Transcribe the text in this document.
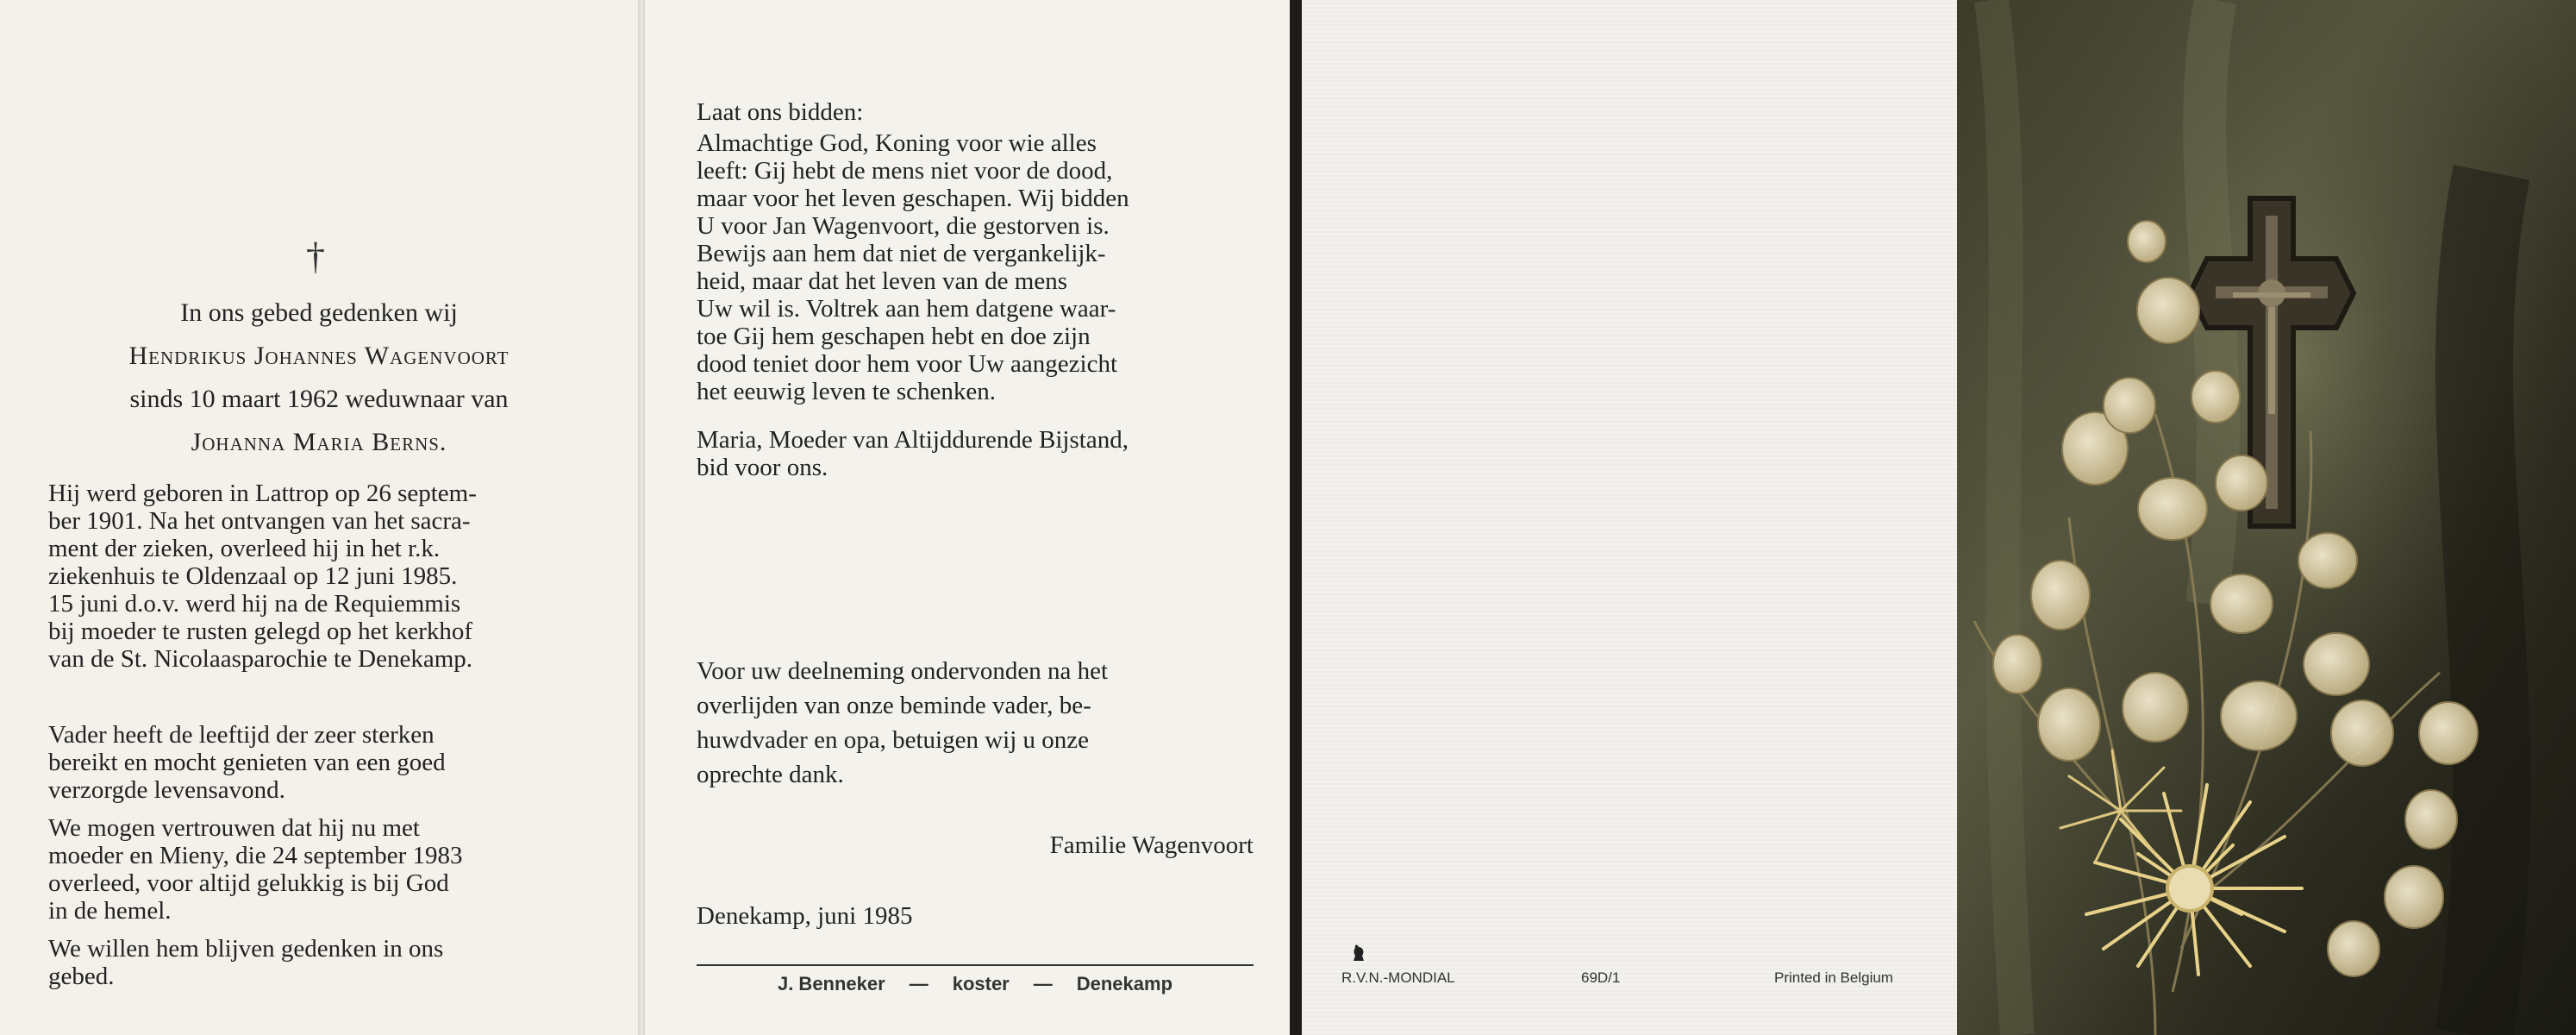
†
In ons gebed gedenken wij
Hendrikus Johannes Wagenvoort
sinds 10 maart 1962 weduwnaar van
Johanna Maria Berns.
Hij werd geboren in Lattrop op 26 septem-
ber 1901. Na het ontvangen van het sacra-
ment der zieken, overleed hij in het r.k.
ziekenhuis te Oldenzaal op 12 juni 1985.
15 juni d.o.v. werd hij na de Requiemmis
bij moeder te rusten gelegd op het kerkhof
van de St. Nicolaasparochie te Denekamp.
Vader heeft de leeftijd der zeer sterken
bereikt en mocht genieten van een goed
verzorgde levensavond.
We mogen vertrouwen dat hij nu met
moeder en Mieny, die 24 september 1983
overleed, voor altijd gelukkig is bij God
in de hemel.
We willen hem blijven gedenken in ons
gebed.
Laat ons bidden:
Almachtige God, Koning voor wie alles
leeft: Gij hebt de mens niet voor de dood,
maar voor het leven geschapen. Wij bidden
U voor Jan Wagenvoort, die gestorven is.
Bewijs aan hem dat niet de vergankelijk-
heid, maar dat het leven van de mens
Uw wil is. Voltrek aan hem datgene waar-
toe Gij hem geschapen hebt en doe zijn
dood teniet door hem voor Uw aangezicht
het eeuwig leven te schenken.
Maria, Moeder van Altijddurende Bijstand,
bid voor ons.
Voor uw deelneming ondervonden na het
overlijden van onze beminde vader, be-
huwdvader en opa, betuigen wij u onze
oprechte dank.
Familie Wagenvoort
Denekamp, juni 1985
J. Benneker — koster — Denekamp	R.V.N.-MONDIAL	69D/1	Printed in Belgium
